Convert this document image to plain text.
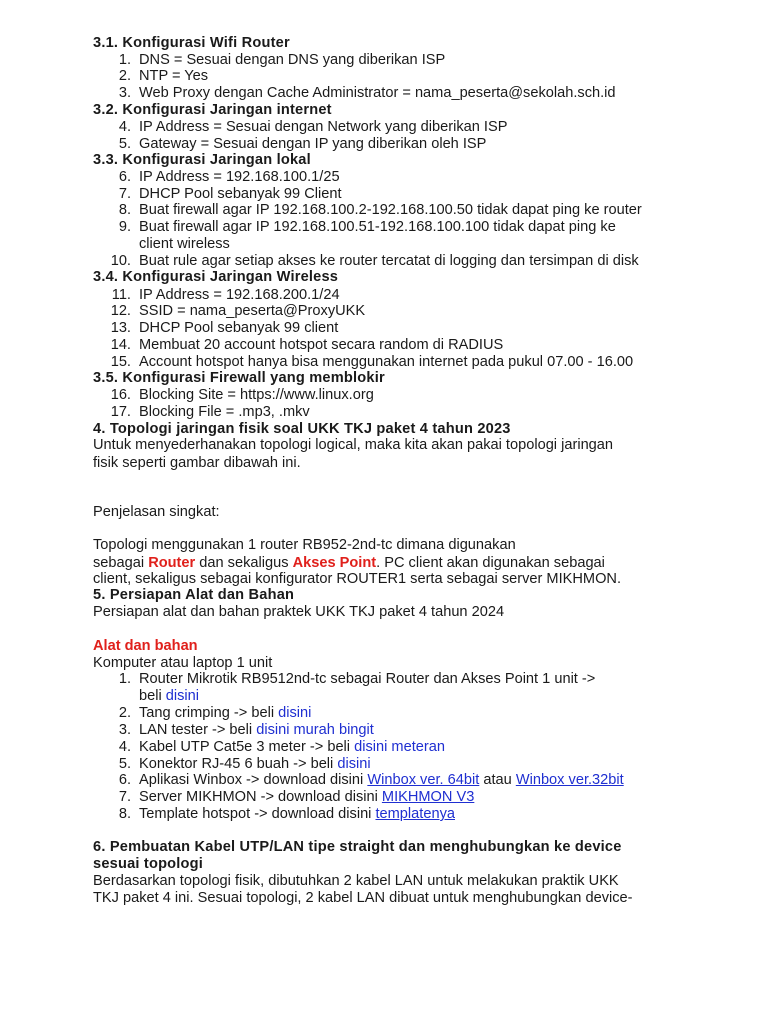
3.1. Konfigurasi Wifi Router
1. DNS = Sesuai dengan DNS yang diberikan ISP
2. NTP = Yes
3. Web Proxy dengan Cache Administrator = nama_peserta@sekolah.sch.id
3.2. Konfigurasi Jaringan internet
4. IP Address = Sesuai dengan Network yang diberikan ISP
5. Gateway = Sesuai dengan IP yang diberikan oleh ISP
3.3. Konfigurasi Jaringan lokal
6. IP Address = 192.168.100.1/25
7. DHCP Pool sebanyak 99 Client
8. Buat firewall agar IP 192.168.100.2-192.168.100.50 tidak dapat ping ke router
9. Buat firewall agar IP 192.168.100.51-192.168.100.100 tidak dapat ping ke
client wireless
10. Buat rule agar setiap akses ke router tercatat di logging dan tersimpan di disk
3.4. Konfigurasi Jaringan Wireless
11. IP Address = 192.168.200.1/24
12. SSID = nama_peserta@ProxyUKK
13. DHCP Pool sebanyak 99 client
14. Membuat 20 account hotspot secara random di RADIUS
15. Account hotspot hanya bisa menggunakan internet pada pukul 07.00 - 16.00
3.5. Konfigurasi Firewall yang memblokir
16. Blocking Site = https://www.linux.org
17. Blocking File = .mp3, .mkv
4. Topologi jaringan fisik soal UKK TKJ paket 4 tahun 2023
Untuk menyederhanakan topologi logical, maka kita akan pakai topologi jaringan
fisik seperti gambar dibawah ini.
Penjelasan singkat:
Topologi menggunakan 1 router RB952-2nd-tc dimana digunakan
sebagai Router dan sekaligus Akses Point. PC client akan digunakan sebagai
client, sekaligus sebagai konfigurator ROUTER1 serta sebagai server MIKHMON.
5. Persiapan Alat dan Bahan
Persiapan alat dan bahan praktek UKK TKJ paket 4 tahun 2024
Alat dan bahan
Komputer atau laptop 1 unit
1. Router Mikrotik RB9512nd-tc sebagai Router dan Akses Point 1 unit ->
beli disini
2. Tang crimping -> beli disini
3. LAN tester -> beli disini murah bingit
4. Kabel UTP Cat5e 3 meter -> beli disini meteran
5. Konektor RJ-45 6 buah -> beli disini
6. Aplikasi Winbox -> download disini Winbox ver. 64bit atau Winbox ver.32bit
7. Server MIKHMON -> download disini MIKHMON V3
8. Template hotspot -> download disini templatenya
6. Pembuatan Kabel UTP/LAN tipe straight dan menghubungkan ke device
sesuai topologi
Berdasarkan topologi fisik, dibutuhkan 2 kabel LAN untuk melakukan praktik UKK
TKJ paket 4 ini. Sesuai topologi, 2 kabel LAN dibuat untuk menghubungkan device-
